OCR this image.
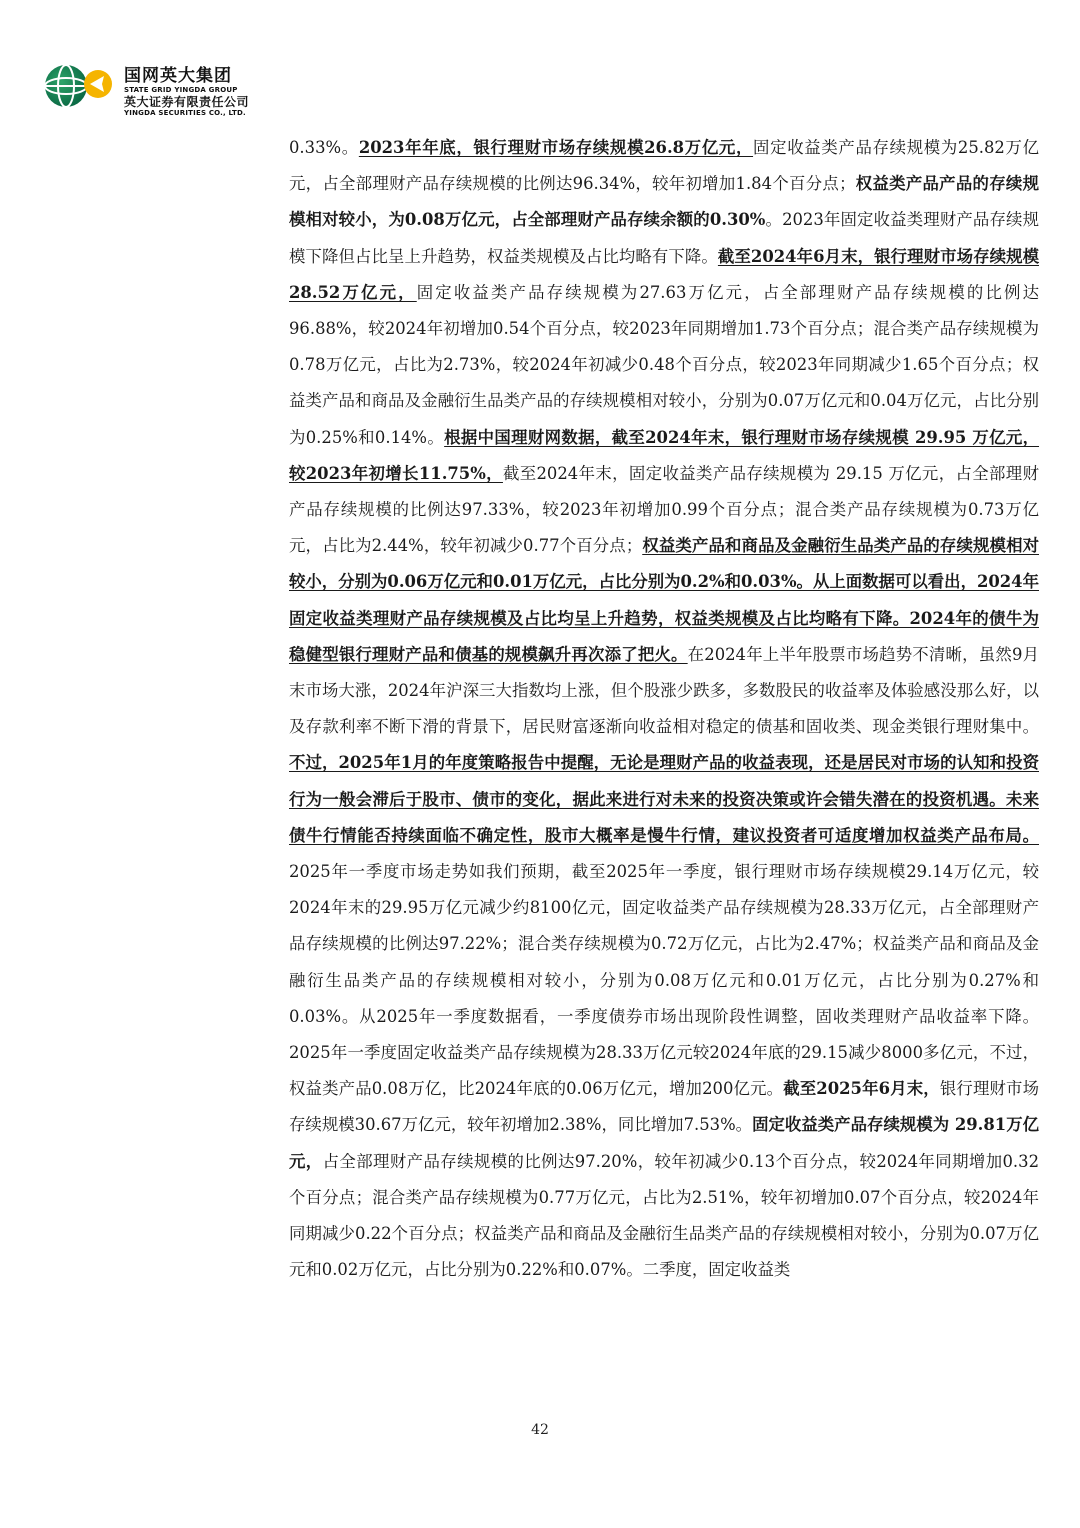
国网英大集团
STATE GRID YINGDA GROUP
英大证券有限责任公司
YINGDA SECURITIES CO., LTD.

0.33%。2023年年底，银行理财市场存续规模26.8万亿元，固定收益类产品存续规模为25.82万亿元，占全部理财产品存续规模的比例达96.34%，较年初增加1.84个百分点；权益类产品产品的存续规模相对较小，为0.08万亿元，占全部理财产品存续余额的0.30%。2023年固定收益类理财产品存续规模下降但占比呈上升趋势，权益类规模及占比均略有下降。截至2024年6月末，银行理财市场存续规模28.52万亿元，固定收益类产品存续规模为27.63万亿元，占全部理财产品存续规模的比例达96.88%，较2024年初增加0.54个百分点，较2023年同期增加1.73个百分点；混合类产品存续规模为0.78万亿元，占比为2.73%，较2024年初减少0.48个百分点，较2023年同期减少1.65个百分点；权益类产品和商品及金融衍生品类产品的存续规模相对较小，分别为0.07万亿元和0.04万亿元，占比分别为0.25%和0.14%。根据中国理财网数据，截至2024年末，银行理财市场存续规模 29.95 万亿元，较2023年初增长11.75%，截至2024年末，固定收益类产品存续规模为 29.15 万亿元，占全部理财产品存续规模的比例达97.33%，较2023年初增加0.99个百分点；混合类产品存续规模为0.73万亿元，占比为2.44%，较年初减少0.77个百分点；权益类产品和商品及金融衍生品类产品的存续规模相对较小，分别为0.06万亿元和0.01万亿元，占比分别为0.2%和0.03%。从上面数据可以看出，2024年固定收益类理财产品存续规模及占比均呈上升趋势，权益类规模及占比均略有下降。2024年的债牛为稳健型银行理财产品和债基的规模飙升再次添了把火。在2024年上半年股票市场趋势不清晰，虽然9月末市场大涨，2024年沪深三大指数均上涨，但个股涨少跌多，多数股民的收益率及体验感没那么好，以及存款利率不断下滑的背景下，居民财富逐渐向收益相对稳定的债基和固收类、现金类银行理财集中。不过，2025年1月的年度策略报告中提醒，无论是理财产品的收益表现，还是居民对市场的认知和投资行为一般会滞后于股市、债市的变化，据此来进行对未来的投资决策或许会错失潜在的投资机遇。未来债牛行情能否持续面临不确定性，股市大概率是慢牛行情，建议投资者可适度增加权益类产品布局。2025年一季度市场走势如我们预期，截至2025年一季度，银行理财市场存续规模29.14万亿元，较2024年末的29.95万亿元减少约8100亿元，固定收益类产品存续规模为28.33万亿元，占全部理财产品存续规模的比例达97.22%；混合类存续规模为0.72万亿元，占比为2.47%；权益类产品和商品及金融衍生品类产品的存续规模相对较小，分别为0.08万亿元和0.01万亿元，占比分别为0.27%和0.03%。从2025年一季度数据看，一季度债券市场出现阶段性调整，固收类理财产品收益率下降。2025年一季度固定收益类产品存续规模为28.33万亿元较2024年底的29.15减少8000多亿元，不过，权益类产品0.08万亿，比2024年底的0.06万亿元，增加200亿元。截至2025年6月末，银行理财市场存续规模30.67万亿元，较年初增加2.38%，同比增加7.53%。固定收益类产品存续规模为 29.81万亿元，占全部理财产品存续规模的比例达97.20%，较年初减少0.13个百分点，较2024年同期增加0.32个百分点；混合类产品存续规模为0.77万亿元，占比为2.51%，较年初增加0.07个百分点，较2024年同期减少0.22个百分点；权益类产品和商品及金融衍生品类产品的存续规模相对较小，分别为0.07万亿元和0.02万亿元，占比分别为0.22%和0.07%。二季度，固定收益类

42
